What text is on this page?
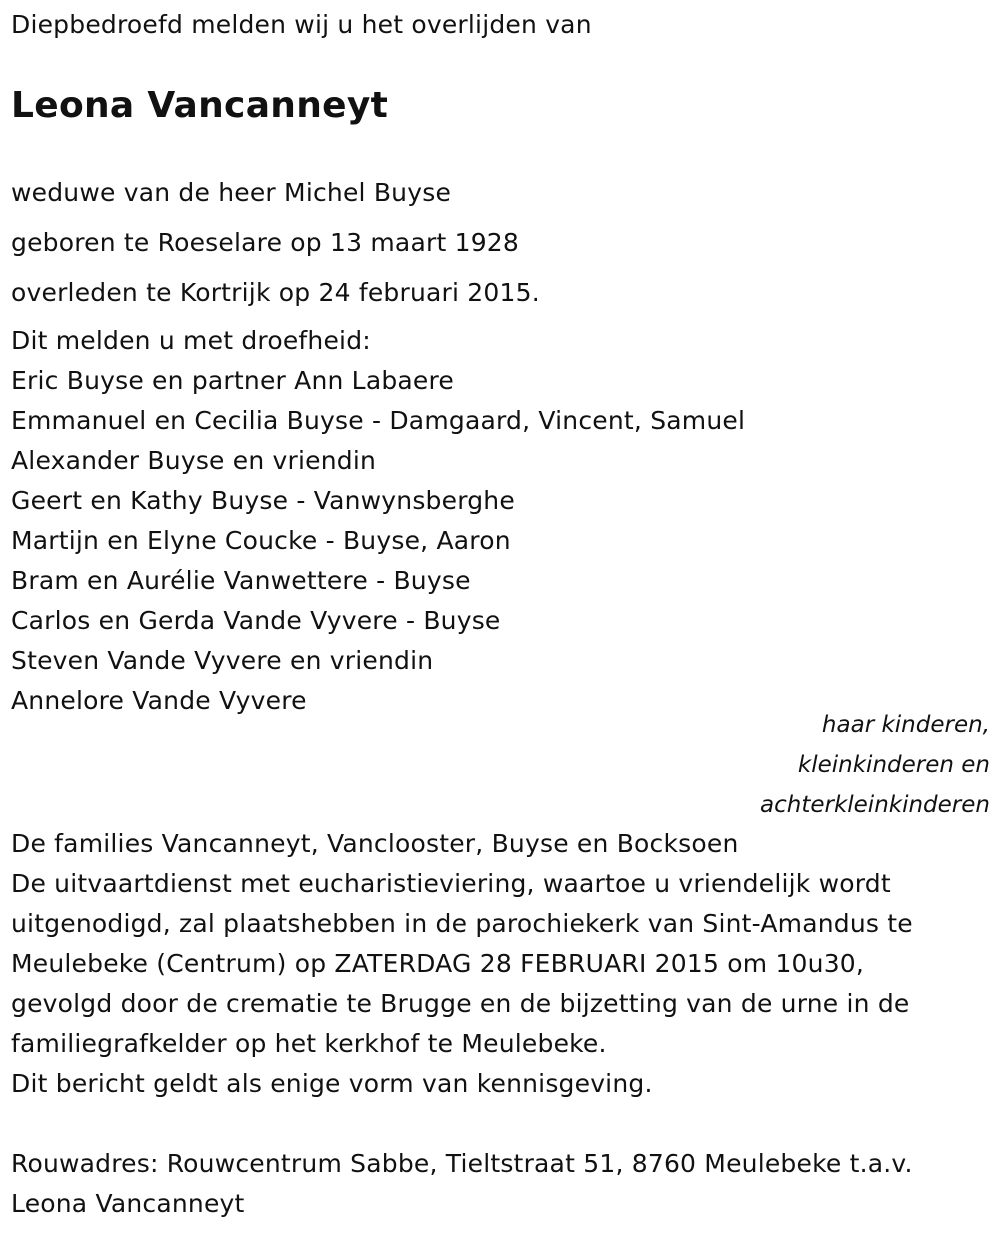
Diepbedroefd melden wij u het overlijden van
Leona Vancanneyt
weduwe van de heer Michel Buyse
geboren te Roeselare op 13 maart 1928
overleden te Kortrijk op 24 februari 2015.
Dit melden u met droefheid:
Eric Buyse en partner Ann Labaere
Emmanuel en Cecilia Buyse - Damgaard, Vincent, Samuel
Alexander Buyse en vriendin
Geert en Kathy Buyse - Vanwynsberghe
Martijn en Elyne Coucke - Buyse, Aaron
Bram en Aurélie Vanwettere - Buyse
Carlos en Gerda Vande Vyvere - Buyse
Steven Vande Vyvere en vriendin
Annelore Vande Vyvere
haar kinderen,
kleinkinderen en
achterkleinkinderen
De families Vancanneyt, Vanclooster, Buyse en Bocksoen
De uitvaartdienst met eucharistieviering, waartoe u vriendelijk wordt
uitgenodigd, zal plaatshebben in de parochiekerk van Sint-Amandus te
Meulebeke (Centrum) op ZATERDAG 28 FEBRUARI 2015 om 10u30,
gevolgd door de crematie te Brugge en de bijzetting van de urne in de
familiegrafkelder op het kerkhof te Meulebeke.
Dit bericht geldt als enige vorm van kennisgeving.
Rouwadres: Rouwcentrum Sabbe, Tieltstraat 51, 8760 Meulebeke t.a.v.
Leona Vancanneyt
